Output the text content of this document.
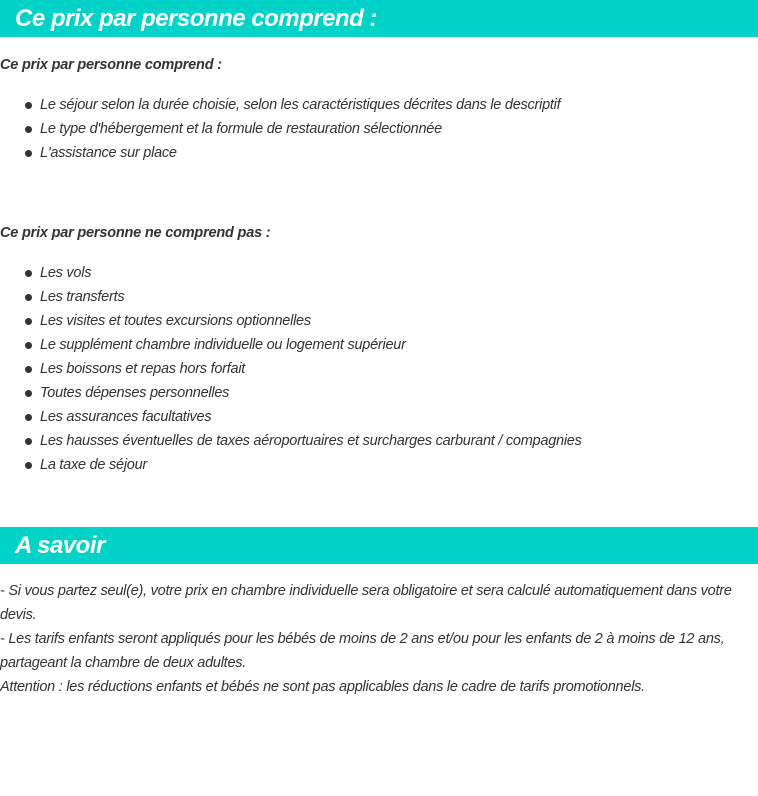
Ce prix par personne comprend :

Ce prix par personne comprend :

Le séjour selon la durée choisie, selon les caractéristiques décrites dans le descriptif
Le type d'hébergement et la formule de restauration sélectionnée
L'assistance sur place

Ce prix par personne ne comprend pas :

Les vols
Les transferts
Les visites et toutes excursions optionnelles
Le supplément chambre individuelle ou logement supérieur
Les boissons et repas hors forfait
Toutes dépenses personnelles
Les assurances facultatives
Les hausses éventuelles de taxes aéroportuaires et surcharges carburant / compagnies
La taxe de séjour
A savoir

- Si vous partez seul(e), votre prix en chambre individuelle sera obligatoire et sera calculé automatiquement dans votre devis.

- Les tarifs enfants seront appliqués pour les bébés de moins de 2 ans et/ou pour les enfants de 2 à moins de 12 ans, partageant la chambre de deux adultes.

Attention : les réductions enfants et bébés ne sont pas applicables dans le cadre de tarifs promotionnels.
